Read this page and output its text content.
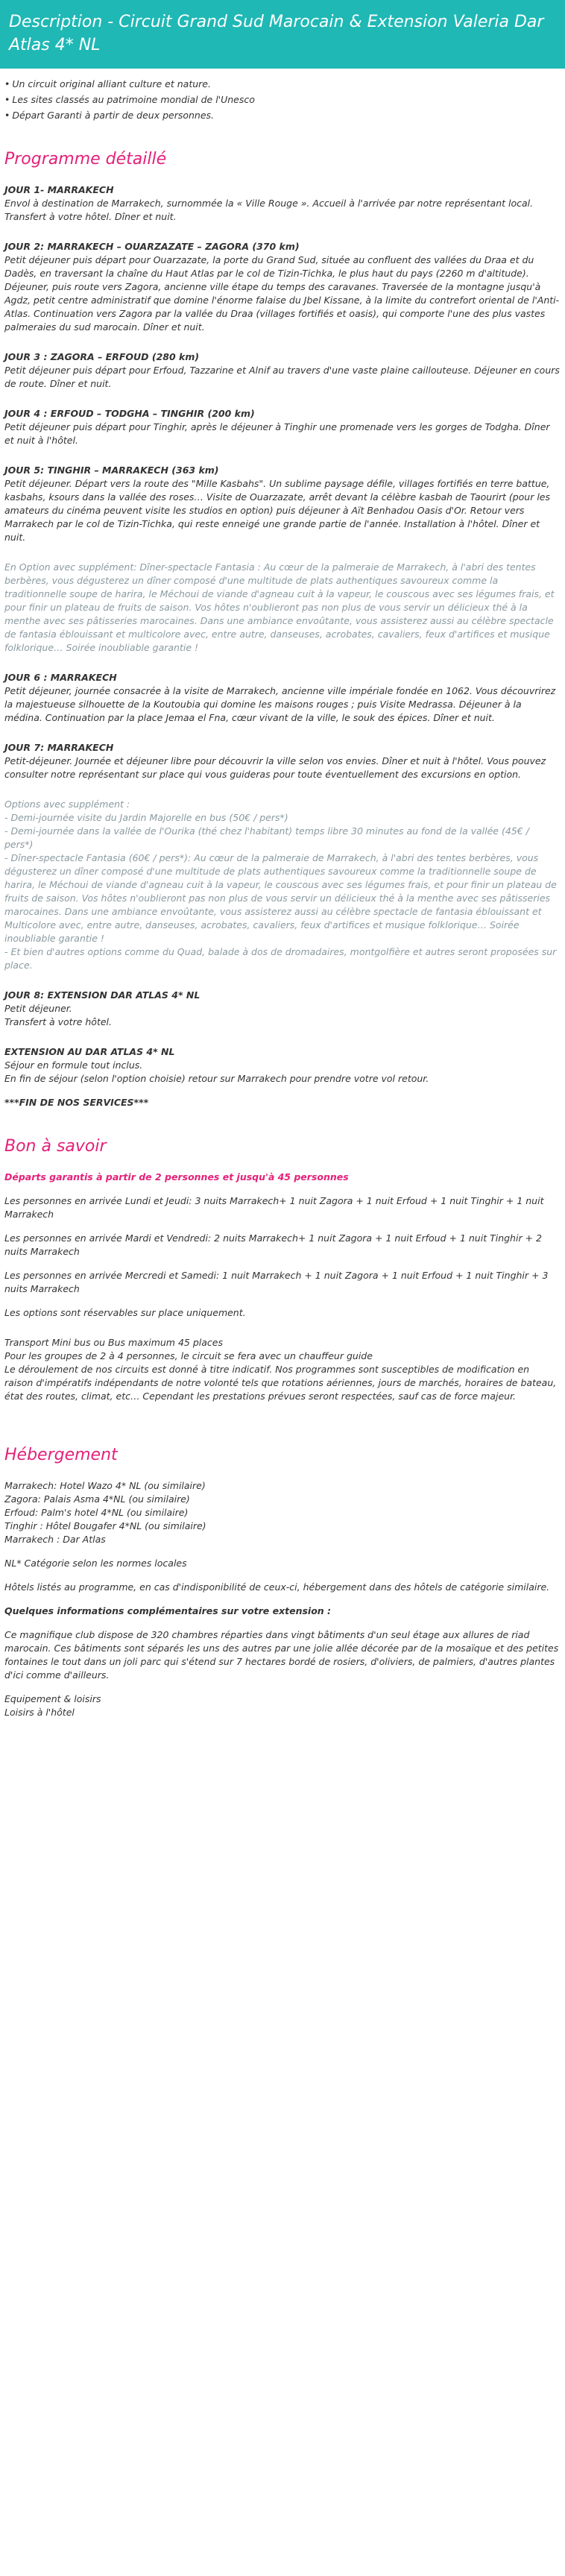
Description - Circuit Grand Sud Marocain & Extension Valeria Dar Atlas 4* NL
• Un circuit original alliant culture et nature.
• Les sites classés au patrimoine mondial de l'Unesco
• Départ Garanti à partir de deux personnes.
Programme détaillé
JOUR 1- MARRAKECH
Envol à destination de Marrakech, surnommée la « Ville Rouge ». Accueil à l'arrivée par notre représentant local. Transfert à votre hôtel. Dîner et nuit.
JOUR 2: MARRAKECH – OUARZAZATE – ZAGORA (370 km)
Petit déjeuner puis départ pour Ouarzazate, la porte du Grand Sud, située au confluent des vallées du Draa et du Dadès, en traversant la chaîne du Haut Atlas par le col de Tizin-Tichka, le plus haut du pays (2260 m d'altitude). Déjeuner, puis route vers Zagora, ancienne ville étape du temps des caravanes. Traversée de la montagne jusqu'à Agdz, petit centre administratif que domine l'énorme falaise du Jbel Kissane, à la limite du contrefort oriental de l'Anti-Atlas. Continuation vers Zagora par la vallée du Draa (villages fortifiés et oasis), qui comporte l'une des plus vastes palmeraies du sud marocain. Dîner et nuit.
JOUR 3 : ZAGORA – ERFOUD (280 km)
Petit déjeuner puis départ pour Erfoud, Tazzarine et Alnif au travers d'une vaste plaine caillouteuse. Déjeuner en cours de route. Dîner et nuit.
JOUR 4 : ERFOUD – TODGHA – TINGHIR (200 km)
Petit déjeuner puis départ pour Tinghir, après le déjeuner à Tinghir une promenade vers les gorges de Todgha. Dîner et nuit à l'hôtel.
JOUR 5: TINGHIR – MARRAKECH (363 km)
Petit déjeuner. Départ vers la route des "Mille Kasbahs". Un sublime paysage défile, villages fortifiés en terre battue, kasbahs, ksours dans la vallée des roses… Visite de Ouarzazate, arrêt devant la célèbre kasbah de Taourirt (pour les amateurs du cinéma peuvent visite les studios en option) puis déjeuner à Aït Benhadou Oasis d'Or. Retour vers Marrakech par le col de Tizin-Tichka, qui reste enneigé une grande partie de l'année. Installation à l'hôtel. Dîner et nuit.
En Option avec supplément: Dîner-spectacle Fantasia : Au cœur de la palmeraie de Marrakech, à l'abri des tentes berbères, vous dégusterez un dîner composé d'une multitude de plats authentiques savoureux comme la traditionnelle soupe de harira, le Méchoui de viande d'agneau cuit à la vapeur, le couscous avec ses légumes frais, et pour finir un plateau de fruits de saison. Vos hôtes n'oublieront pas non plus de vous servir un délicieux thé à la menthe avec ses pâtisseries marocaines. Dans une ambiance envoûtante, vous assisterez aussi au célèbre spectacle de fantasia éblouissant et multicolore avec, entre autre, danseuses, acrobates, cavaliers, feux d'artifices et musique folklorique… Soirée inoubliable garantie !
JOUR 6 : MARRAKECH
Petit déjeuner, journée consacrée à la visite de Marrakech, ancienne ville impériale fondée en 1062. Vous découvrirez la majestueuse silhouette de la Koutoubia qui domine les maisons rouges ; puis Visite Medrassa. Déjeuner à la médina. Continuation par la place Jemaa el Fna, cœur vivant de la ville, le souk des épices. Dîner et nuit.
JOUR 7: MARRAKECH
Petit-déjeuner. Journée et déjeuner libre pour découvrir la ville selon vos envies. Dîner et nuit à l'hôtel. Vous pouvez consulter notre représentant sur place qui vous guideras pour toute éventuellement des excursions en option.
Options avec supplément :
- Demi-journée visite du Jardin Majorelle en bus (50€ / pers*)
- Demi-journée dans la vallée de l'Ourika (thé chez l'habitant) temps libre 30 minutes au fond de la vallée (45€ / pers*)
- Dîner-spectacle Fantasia (60€ / pers*): Au cœur de la palmeraie de Marrakech, à l'abri des tentes berbères, vous dégusterez un dîner composé d'une multitude de plats authentiques savoureux comme la traditionnelle soupe de harira, le Méchoui de viande d'agneau cuit à la vapeur, le couscous avec ses légumes frais, et pour finir un plateau de fruits de saison. Vos hôtes n'oublieront pas non plus de vous servir un délicieux thé à la menthe avec ses pâtisseries marocaines. Dans une ambiance envoûtante, vous assisterez aussi au célèbre spectacle de fantasia éblouissant et Multicolore avec, entre autre, danseuses, acrobates, cavaliers, feux d'artifices et musique folklorique… Soirée inoubliable garantie !
- Et bien d'autres options comme du Quad, balade à dos de dromadaires, montgolfière et autres seront proposées sur place.
JOUR 8: EXTENSION DAR ATLAS 4* NL
Petit déjeuner.
Transfert à votre hôtel.
EXTENSION AU DAR ATLAS 4* NL
Séjour en formule tout inclus.
En fin de séjour (selon l'option choisie) retour sur Marrakech pour prendre votre vol retour.
***FIN DE NOS SERVICES***
Bon à savoir

Départs garantis à partir de 2 personnes et jusqu'à 45 personnes

Les personnes en arrivée Lundi et Jeudi: 3 nuits Marrakech+ 1 nuit Zagora + 1 nuit Erfoud + 1 nuit Tinghir + 1 nuit Marrakech

Les personnes en arrivée Mardi et Vendredi: 2 nuits Marrakech+ 1 nuit Zagora + 1 nuit Erfoud + 1 nuit Tinghir + 2 nuits Marrakech

Les personnes en arrivée Mercredi et Samedi: 1 nuit Marrakech + 1 nuit Zagora + 1 nuit Erfoud + 1 nuit Tinghir + 3 nuits Marrakech

Les options sont réservables sur place uniquement.

Transport Mini bus ou Bus maximum 45 places

Pour les groupes de 2 à 4 personnes, le circuit se fera avec un chauffeur guide

Le déroulement de nos circuits est donné à titre indicatif. Nos programmes sont susceptibles de modification en raison d'impératifs indépendants de notre volonté tels que rotations aériennes, jours de marchés, horaires de bateau, état des routes, climat, etc… Cependant les prestations prévues seront respectées, sauf cas de force majeur.

Hébergement

Marrakech: Hotel Wazo 4* NL (ou similaire)

Zagora: Palais Asma 4*NL (ou similaire)

Erfoud: Palm's hotel 4*NL (ou similaire)

Tinghir : Hôtel Bougafer 4*NL (ou similaire)

Marrakech : Dar Atlas

NL* Catégorie selon les normes locales

Hôtels listés au programme, en cas d'indisponibilité de ceux-ci, hébergement dans des hôtels de catégorie similaire.

Quelques informations complémentaires sur votre extension :

Ce magnifique club dispose de 320 chambres réparties dans vingt bâtiments d'un seul étage aux allures de riad marocain. Ces bâtiments sont séparés les uns des autres par une jolie allée décorée par de la mosaïque et des petites fontaines le tout dans un joli parc qui s'étend sur 7 hectares bordé de rosiers, d'oliviers, de palmiers, d'autres plantes d'ici comme d'ailleurs.

Equipement & loisirs

Loisirs à l'hôtel
